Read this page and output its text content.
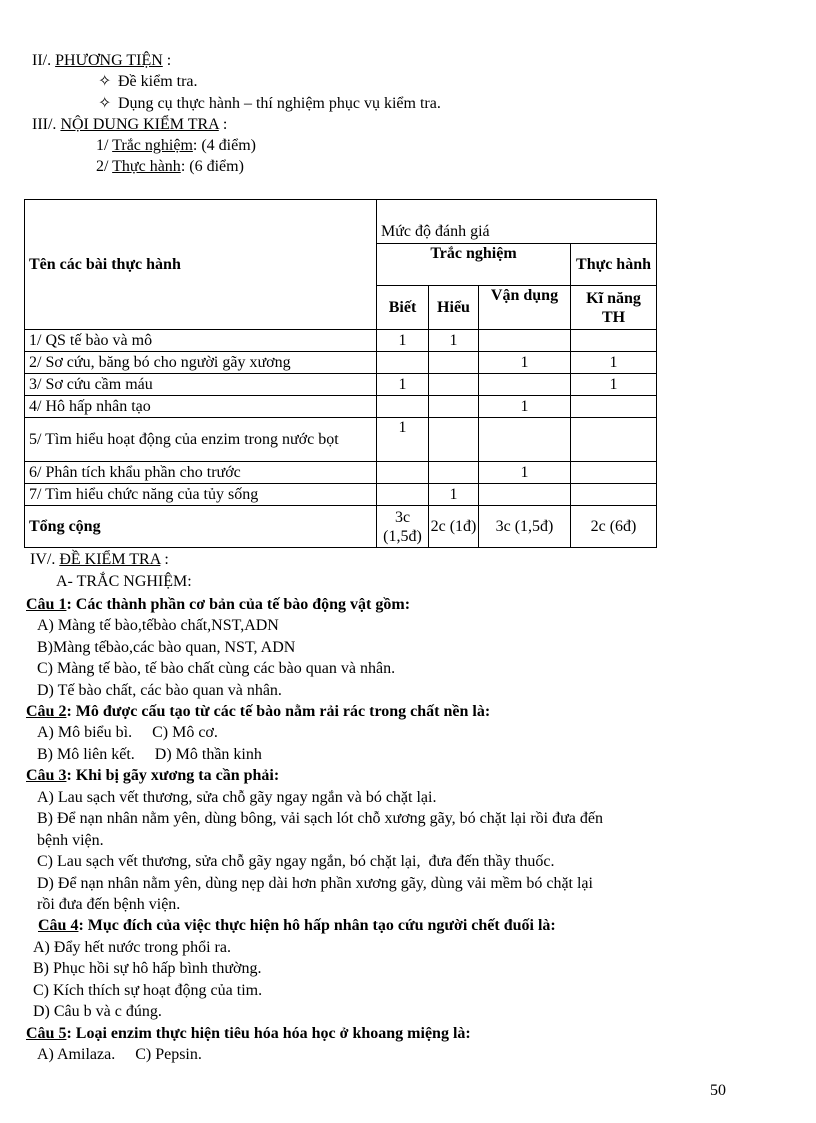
II/. PHƯƠNG TIỆN :
✧ Đề kiểm tra.
✧ Dụng cụ thực hành – thí nghiệm phục vụ kiểm tra.
III/. NỘI DUNG KIỂM TRA :
1/ Trắc nghiệm: (4 điểm)
2/ Thực hành: (6 điểm)
Tên các bài thực hành	Mức độ đánh giá			
	Trắc nghiệm			Thực hành
	Biết	Hiểu	Vận dụng	Kĩ năng TH
1/ QS tế bào và mô	1	1		
2/ Sơ cứu, băng bó cho người gãy xương			1	1
3/ Sơ cứu cầm máu	1			1
4/ Hô hấp nhân tạo			1	
5/ Tìm hiểu hoạt động của enzim trong nước bọt	1			
6/ Phân tích khẩu phần cho trước			1	
7/ Tìm hiểu chức năng của tủy sống		1		
Tổng cộng	3c (1,5đ)	2c (1đ)	3c (1,5đ)	2c (6đ)
IV/. ĐỀ KIỂM TRA :
A- TRẮC NGHIỆM:
Câu 1: Các thành phần cơ bản của tế bào động vật gồm:
A) Màng tế bào,tếbào chất,NST,ADN
B)Màng tếbào,các bào quan, NST, ADN
C) Màng tế bào, tế bào chất cùng các bào quan và nhân.
D) Tế bào chất, các bào quan và nhân.
Câu 2: Mô được cấu tạo từ các tế bào nằm rải rác trong chất nền là:
A) Mô biểu bì.     C) Mô cơ.
B) Mô liên kết.     D) Mô thần kinh
Câu 3: Khi bị gãy xương ta cần phải:
A) Lau sạch vết thương, sửa chỗ gãy ngay ngắn và bó chặt lại.
B) Để nạn nhân nằm yên, dùng bông, vải sạch lót chỗ xương gãy, bó chặt lại rồi đưa đến
bệnh viện.
C) Lau sạch vết thương, sửa chỗ gãy ngay ngắn, bó chặt lại,  đưa đến thầy thuốc.
D) Để nạn nhân nằm yên, dùng nẹp dài hơn phần xương gãy, dùng vải mềm bó chặt lại
rồi đưa đến bệnh viện.
Câu 4: Mục đích của việc thực hiện hô hấp nhân tạo cứu người chết đuối là:
A) Đẩy hết nước trong phổi ra.
B) Phục hồi sự hô hấp bình thường.
C) Kích thích sự hoạt động của tim.
D) Câu b và c đúng.
Câu 5: Loại enzim thực hiện tiêu hóa hóa học ở khoang miệng là:
A) Amilaza.     C) Pepsin.
50
